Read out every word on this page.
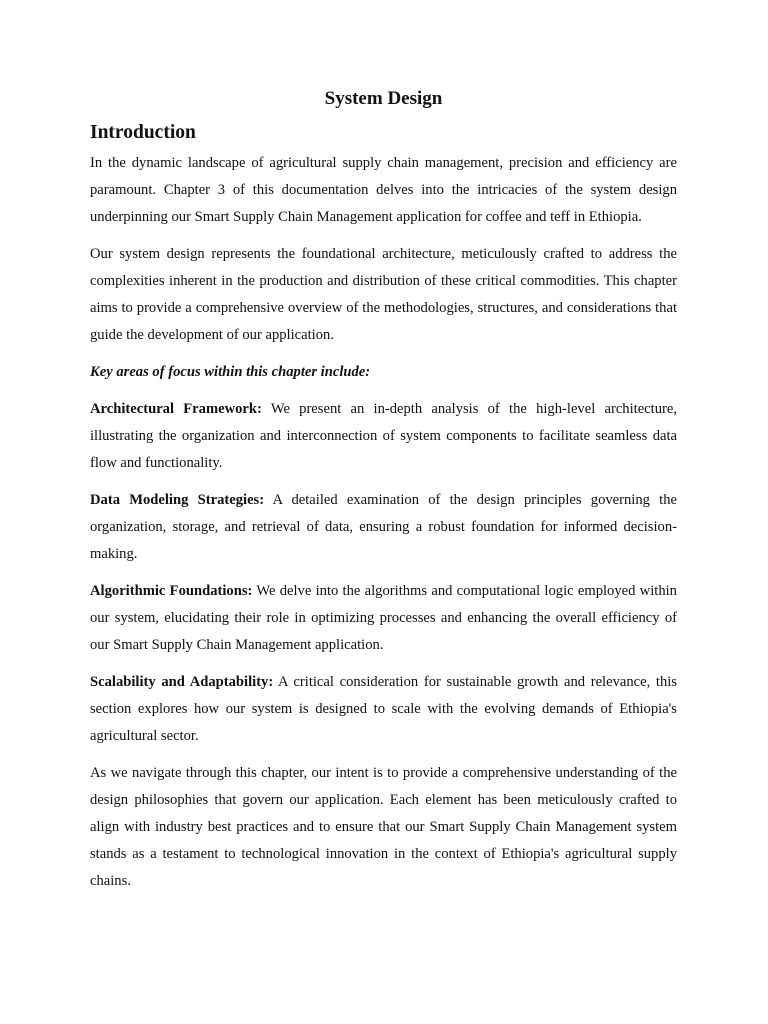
System Design
Introduction

In the dynamic landscape of agricultural supply chain management, precision and efficiency are paramount. Chapter 3 of this documentation delves into the intricacies of the system design underpinning our Smart Supply Chain Management application for coffee and teff in Ethiopia.

Our system design represents the foundational architecture, meticulously crafted to address the complexities inherent in the production and distribution of these critical commodities. This chapter aims to provide a comprehensive overview of the methodologies, structures, and considerations that guide the development of our application.

Key areas of focus within this chapter include:

Architectural Framework: We present an in-depth analysis of the high-level architecture, illustrating the organization and interconnection of system components to facilitate seamless data flow and functionality.

Data Modeling Strategies: A detailed examination of the design principles governing the organization, storage, and retrieval of data, ensuring a robust foundation for informed decision-making.

Algorithmic Foundations: We delve into the algorithms and computational logic employed within our system, elucidating their role in optimizing processes and enhancing the overall efficiency of our Smart Supply Chain Management application.

Scalability and Adaptability: A critical consideration for sustainable growth and relevance, this section explores how our system is designed to scale with the evolving demands of Ethiopia's agricultural sector.

As we navigate through this chapter, our intent is to provide a comprehensive understanding of the design philosophies that govern our application. Each element has been meticulously crafted to align with industry best practices and to ensure that our Smart Supply Chain Management system stands as a testament to technological innovation in the context of Ethiopia's agricultural supply chains.
